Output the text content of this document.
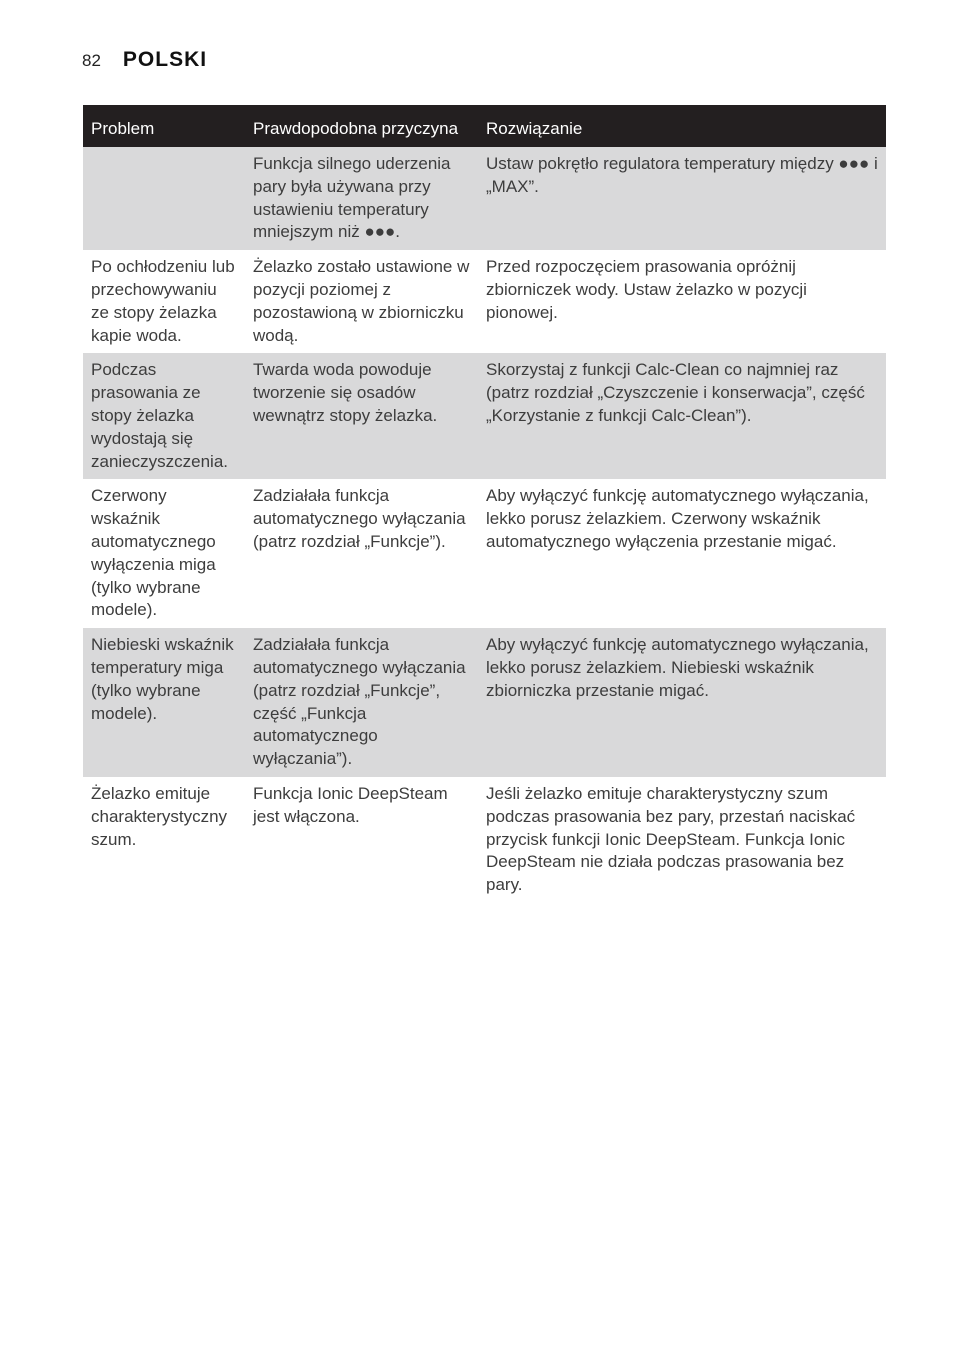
82 POLSKI
Problem	Prawdopodobna przyczyna	Rozwiązanie
	Funkcja silnego uderzenia pary była używana przy ustawieniu temperatury mniejszym niż ●●●.	Ustaw pokrętło regulatora temperatury między ●●● i „MAX”.
Po ochłodzeniu lub przechowywaniu ze stopy żelazka kapie woda.	Żelazko zostało ustawione w pozycji poziomej z pozostawioną w zbiorniczku wodą.	Przed rozpoczęciem prasowania opróżnij zbiorniczek wody. Ustaw żelazko w pozycji pionowej.
Podczas prasowania ze stopy żelazka wydostają się zanieczyszczenia.	Twarda woda powoduje tworzenie się osadów wewnątrz stopy żelazka.	Skorzystaj z funkcji Calc-Clean co najmniej raz (patrz rozdział „Czyszczenie i konserwacja”, część „Korzystanie z funkcji Calc-Clean”).
Czerwony wskaźnik automatycznego wyłączenia miga (tylko wybrane modele).	Zadziałała funkcja automatycznego wyłączania (patrz rozdział „Funkcje”).	Aby wyłączyć funkcję automatycznego wyłączania, lekko porusz żelazkiem. Czerwony wskaźnik automatycznego wyłączenia przestanie migać.
Niebieski wskaźnik temperatury miga (tylko wybrane modele).	Zadziałała funkcja automatycznego wyłączania (patrz rozdział „Funkcje”, część „Funkcja automatycznego wyłączania”).	Aby wyłączyć funkcję automatycznego wyłączania, lekko porusz żelazkiem. Niebieski wskaźnik zbiorniczka przestanie migać.
Żelazko emituje charakterystyczny szum.	Funkcja Ionic DeepSteam jest włączona.	Jeśli żelazko emituje charakterystyczny szum podczas prasowania bez pary, przestań naciskać przycisk funkcji Ionic DeepSteam. Funkcja Ionic DeepSteam nie działa podczas prasowania bez pary.
